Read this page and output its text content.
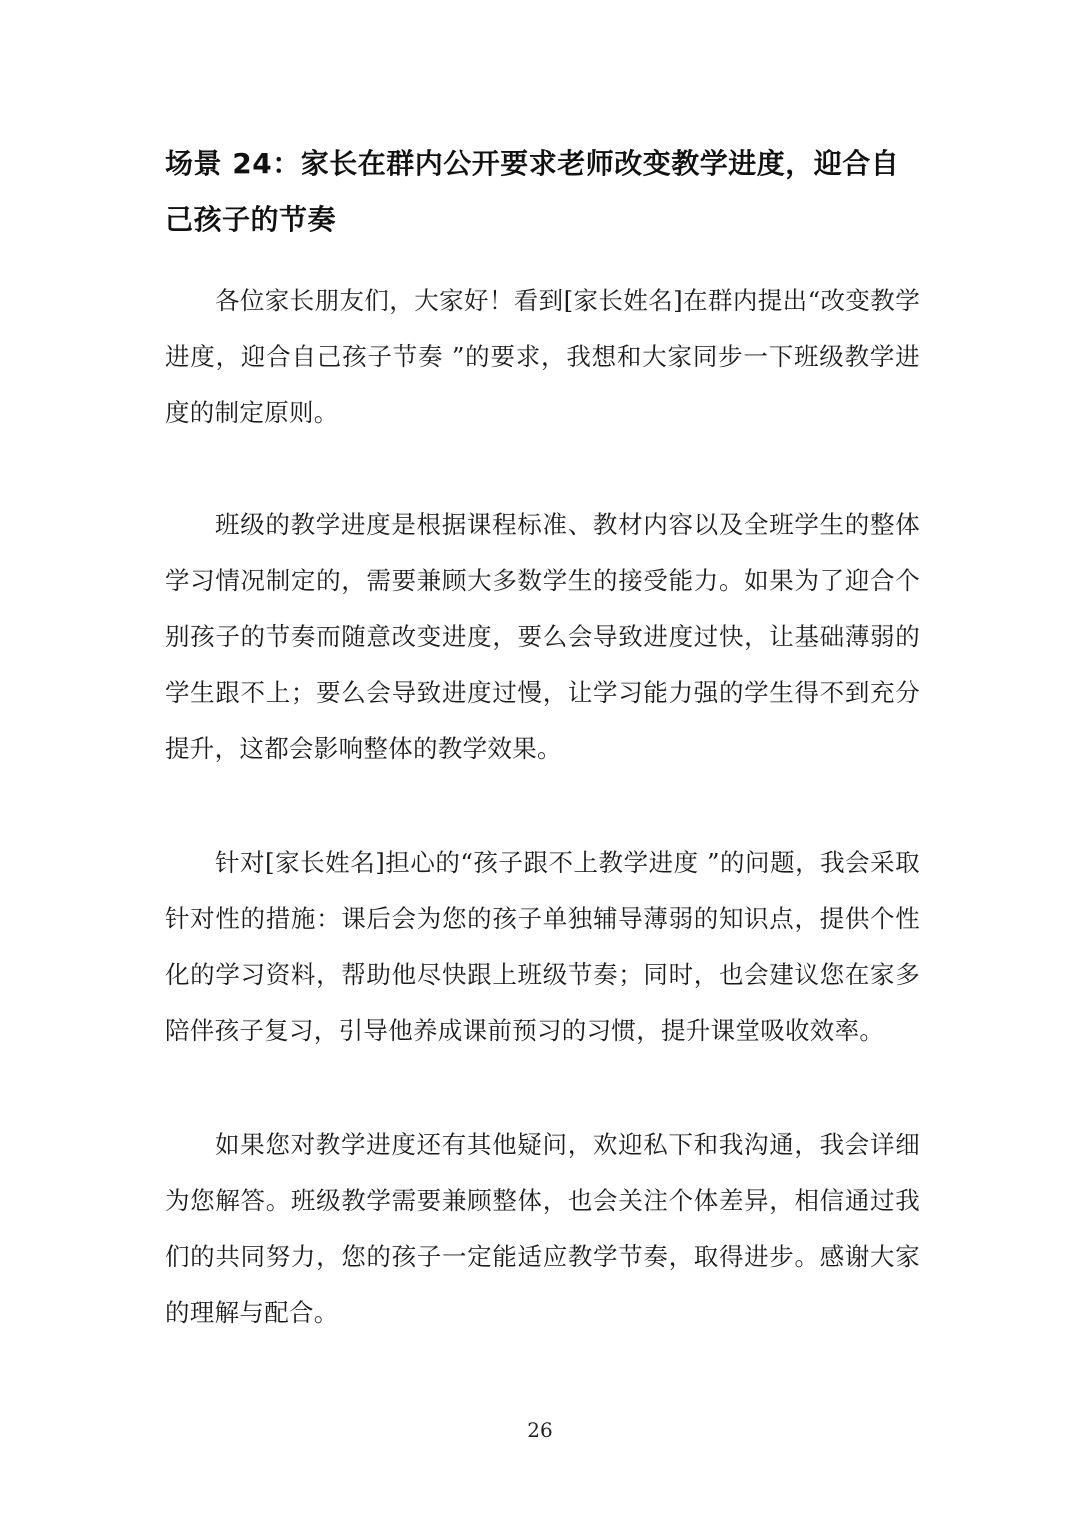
场景 24：家长在群内公开要求老师改变教学进度，迎合自己孩子的节奏

各位家长朋友们，大家好！看到[家长姓名]在群内提出“改变教学进度，迎合自己孩子节奏 ”的要求，我想和大家同步一下班级教学进度的制定原则。

班级的教学进度是根据课程标准、教材内容以及全班学生的整体学习情况制定的，需要兼顾大多数学生的接受能力。如果为了迎合个别孩子的节奏而随意改变进度，要么会导致进度过快，让基础薄弱的学生跟不上；要么会导致进度过慢，让学习能力强的学生得不到充分提升，这都会影响整体的教学效果。

针对[家长姓名]担心的“孩子跟不上教学进度 ”的问题，我会采取针对性的措施：课后会为您的孩子单独辅导薄弱的知识点，提供个性化的学习资料，帮助他尽快跟上班级节奏；同时，也会建议您在家多陪伴孩子复习，引导他养成课前预习的习惯，提升课堂吸收效率。

如果您对教学进度还有其他疑问，欢迎私下和我沟通，我会详细为您解答。班级教学需要兼顾整体，也会关注个体差异，相信通过我们的共同努力，您的孩子一定能适应教学节奏，取得进步。感谢大家的理解与配合。

26
